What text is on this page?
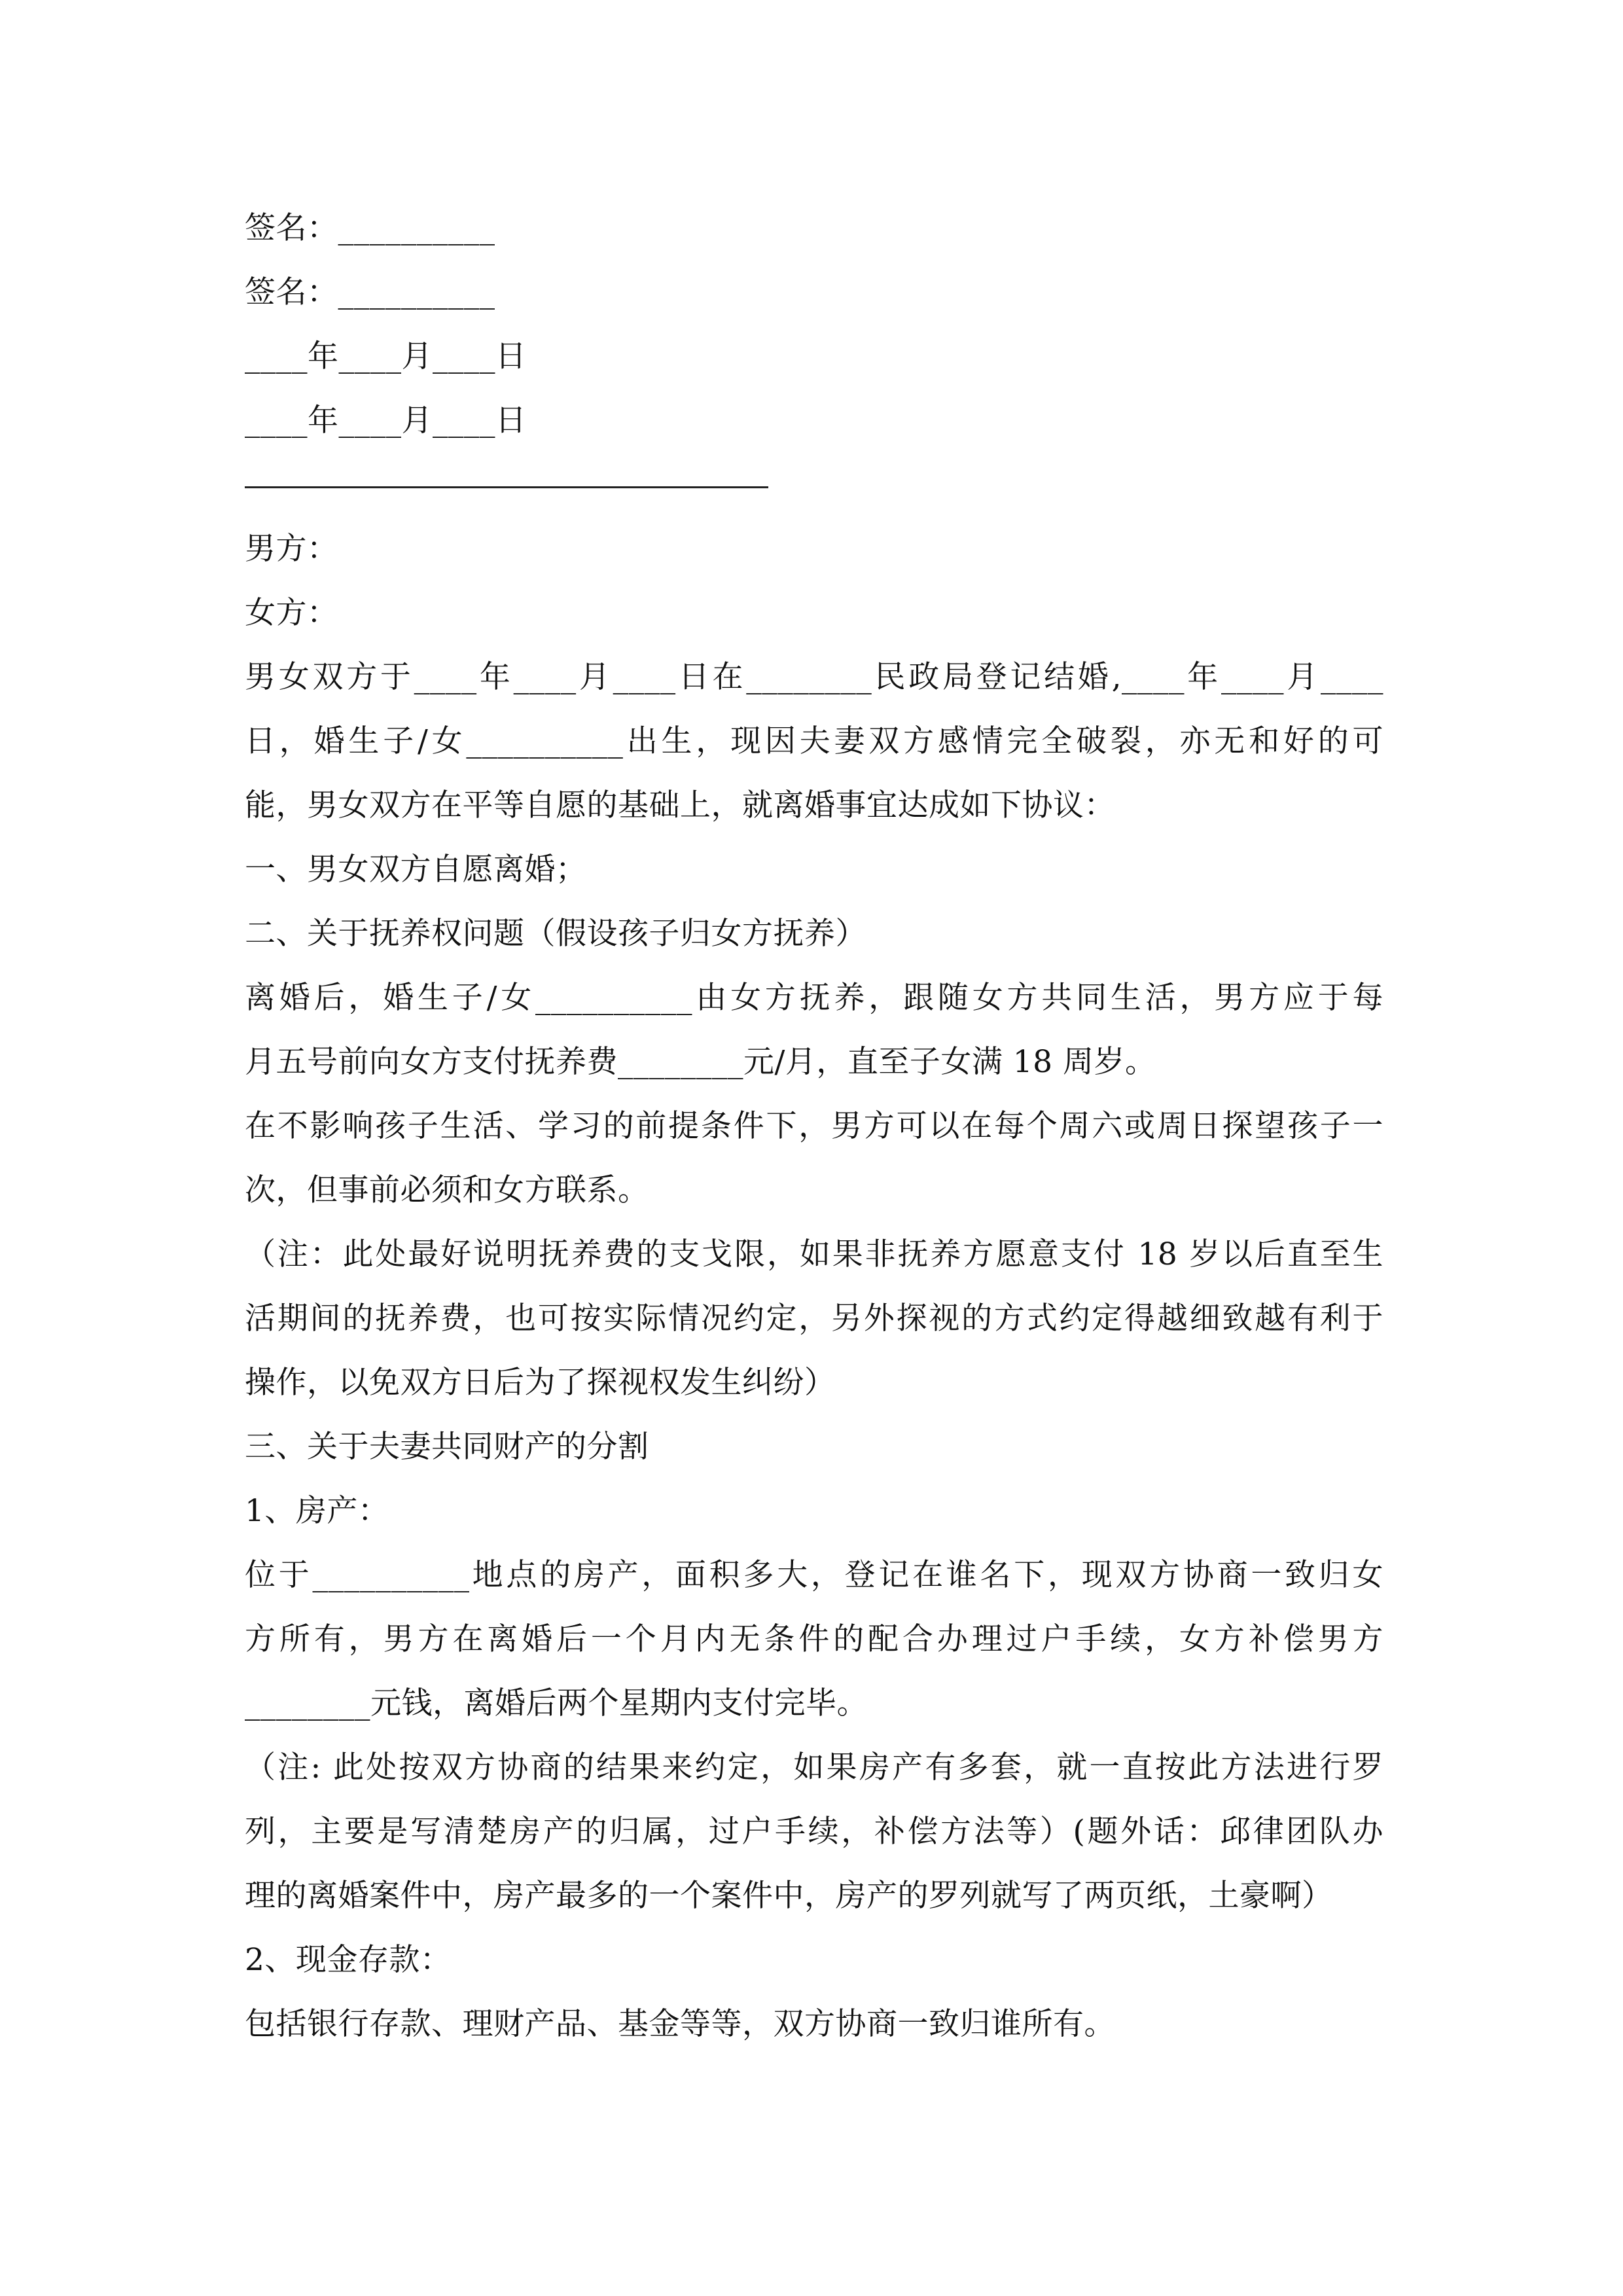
签名：__________
签名：__________
____年____月____日
____年____月____日
男方：
女方：
男女双方于____年____月____日在________民政局登记结婚,____年____月____
日，婚生子/女__________出生，现因夫妻双方感情完全破裂，亦无和好的可
能，男女双方在平等自愿的基础上，就离婚事宜达成如下协议：
一、男女双方自愿离婚；
二、关于抚养权问题（假设孩子归女方抚养）
离婚后，婚生子/女__________由女方抚养，跟随女方共同生活，男方应于每
月五号前向女方支付抚养费________元/月，直至子女满 18 周岁。
在不影响孩子生活、学习的前提条件下，男方可以在每个周六或周日探望孩子一
次，但事前必须和女方联系。
（注：此处最好说明抚养费的支戈限，如果非抚养方愿意支付 18 岁以后直至生
活期间的抚养费，也可按实际情况约定，另外探视的方式约定得越细致越有利于
操作，以免双方日后为了探视权发生纠纷）
三、关于夫妻共同财产的分割
1、房产：
位于__________地点的房产，面积多大，登记在谁名下，现双方协商一致归女
方所有，男方在离婚后一个月内无条件的配合办理过户手续，女方补偿男方
________元钱，离婚后两个星期内支付完毕。
（注: 此处按双方协商的结果来约定，如果房产有多套，就一直按此方法进行罗
列，主要是写清楚房产的归属，过户手续，补偿方法等）(题外话：邱律团队办
理的离婚案件中，房产最多的一个案件中，房产的罗列就写了两页纸，土豪啊）
2、现金存款：
包括银行存款、理财产品、基金等等，双方协商一致归谁所有。
